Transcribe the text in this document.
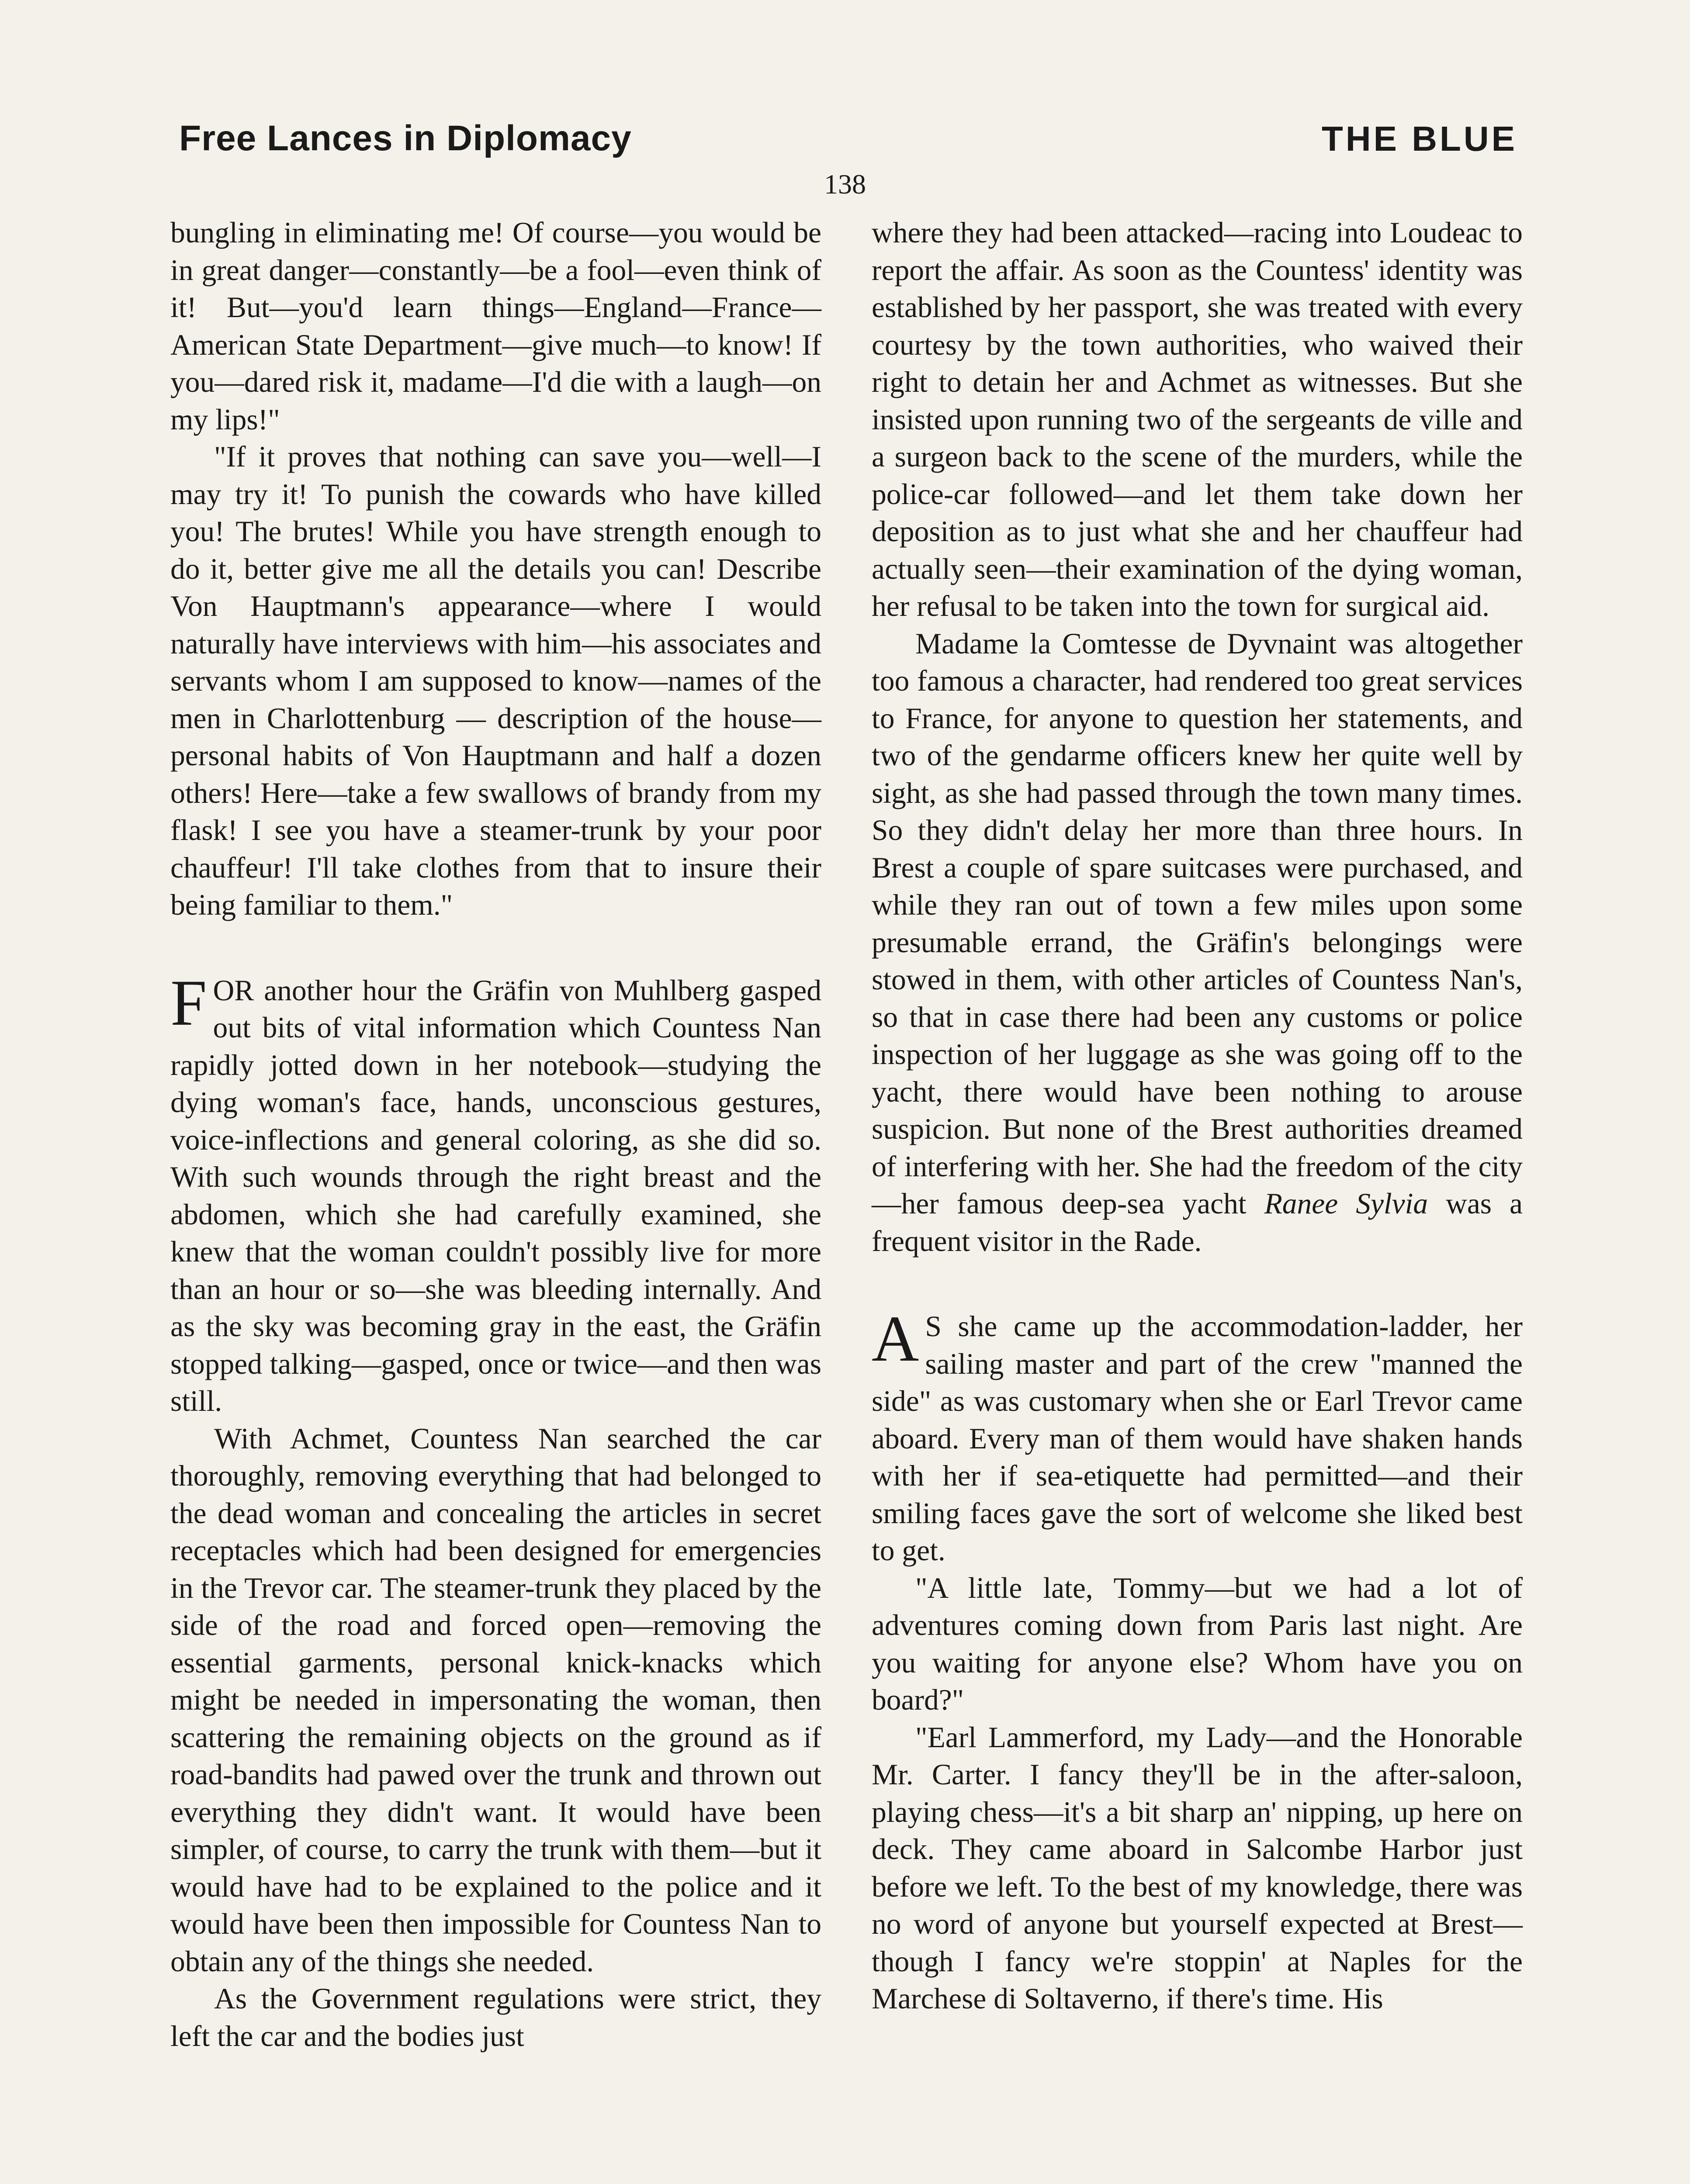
Free Lances in Diplomacy	THE BLUE
138

bungling in eliminating me! Of course—you would be in great danger—constantly—be a fool—even think of it! But—you'd learn things—England—France—American State Department—give much—to know! If you—dared risk it, madame—I'd die with a laugh—on my lips!"

"If it proves that nothing can save you—well—I may try it! To punish the cowards who have killed you! The brutes! While you have strength enough to do it, better give me all the details you can! Describe Von Hauptmann's appearance—where I would naturally have interviews with him—his associates and servants whom I am supposed to know—names of the men in Charlottenburg — description of the house—personal habits of Von Hauptmann and half a dozen others! Here—take a few swallows of brandy from my flask! I see you have a steamer-trunk by your poor chauffeur! I'll take clothes from that to insure their being familiar to them."

FOR another hour the Gräfin von Muhlberg gasped out bits of vital information which Countess Nan rapidly jotted down in her notebook—studying the dying woman's face, hands, unconscious gestures, voice-inflections and general coloring, as she did so. With such wounds through the right breast and the abdomen, which she had carefully examined, she knew that the woman couldn't possibly live for more than an hour or so—she was bleeding internally. And as the sky was becoming gray in the east, the Gräfin stopped talking—gasped, once or twice—and then was still.

With Achmet, Countess Nan searched the car thoroughly, removing everything that had belonged to the dead woman and concealing the articles in secret receptacles which had been designed for emergencies in the Trevor car. The steamer-trunk they placed by the side of the road and forced open—removing the essential garments, personal knick-knacks which might be needed in impersonating the woman, then scattering the remaining objects on the ground as if road-bandits had pawed over the trunk and thrown out everything they didn't want. It would have been simpler, of course, to carry the trunk with them—but it would have had to be explained to the police and it would have been then impossible for Countess Nan to obtain any of the things she needed.

As the Government regulations were strict, they left the car and the bodies just

where they had been attacked—racing into Loudeac to report the affair. As soon as the Countess' identity was established by her passport, she was treated with every courtesy by the town authorities, who waived their right to detain her and Achmet as witnesses. But she insisted upon running two of the sergeants de ville and a surgeon back to the scene of the murders, while the police-car followed—and let them take down her deposition as to just what she and her chauffeur had actually seen—their examination of the dying woman, her refusal to be taken into the town for surgical aid.

Madame la Comtesse de Dyvnaint was altogether too famous a character, had rendered too great services to France, for anyone to question her statements, and two of the gendarme officers knew her quite well by sight, as she had passed through the town many times. So they didn't delay her more than three hours. In Brest a couple of spare suitcases were purchased, and while they ran out of town a few miles upon some presumable errand, the Gräfin's belongings were stowed in them, with other articles of Countess Nan's, so that in case there had been any customs or police inspection of her luggage as she was going off to the yacht, there would have been nothing to arouse suspicion. But none of the Brest authorities dreamed of interfering with her. She had the freedom of the city—her famous deep-sea yacht Ranee Sylvia was a frequent visitor in the Rade.

A S she came up the accommodation-ladder, her sailing master and part of the crew "manned the side" as was customary when she or Earl Trevor came aboard. Every man of them would have shaken hands with her if sea-etiquette had permitted—and their smiling faces gave the sort of welcome she liked best to get.

"A little late, Tommy—but we had a lot of adventures coming down from Paris last night. Are you waiting for anyone else? Whom have you on board?"

"Earl Lammerford, my Lady—and the Honorable Mr. Carter. I fancy they'll be in the after-saloon, playing chess—it's a bit sharp an' nipping, up here on deck. They came aboard in Salcombe Harbor just before we left. To the best of my knowledge, there was no word of anyone but yourself expected at Brest—though I fancy we're stoppin' at Naples for the Marchese di Soltaverno, if there's time. His
